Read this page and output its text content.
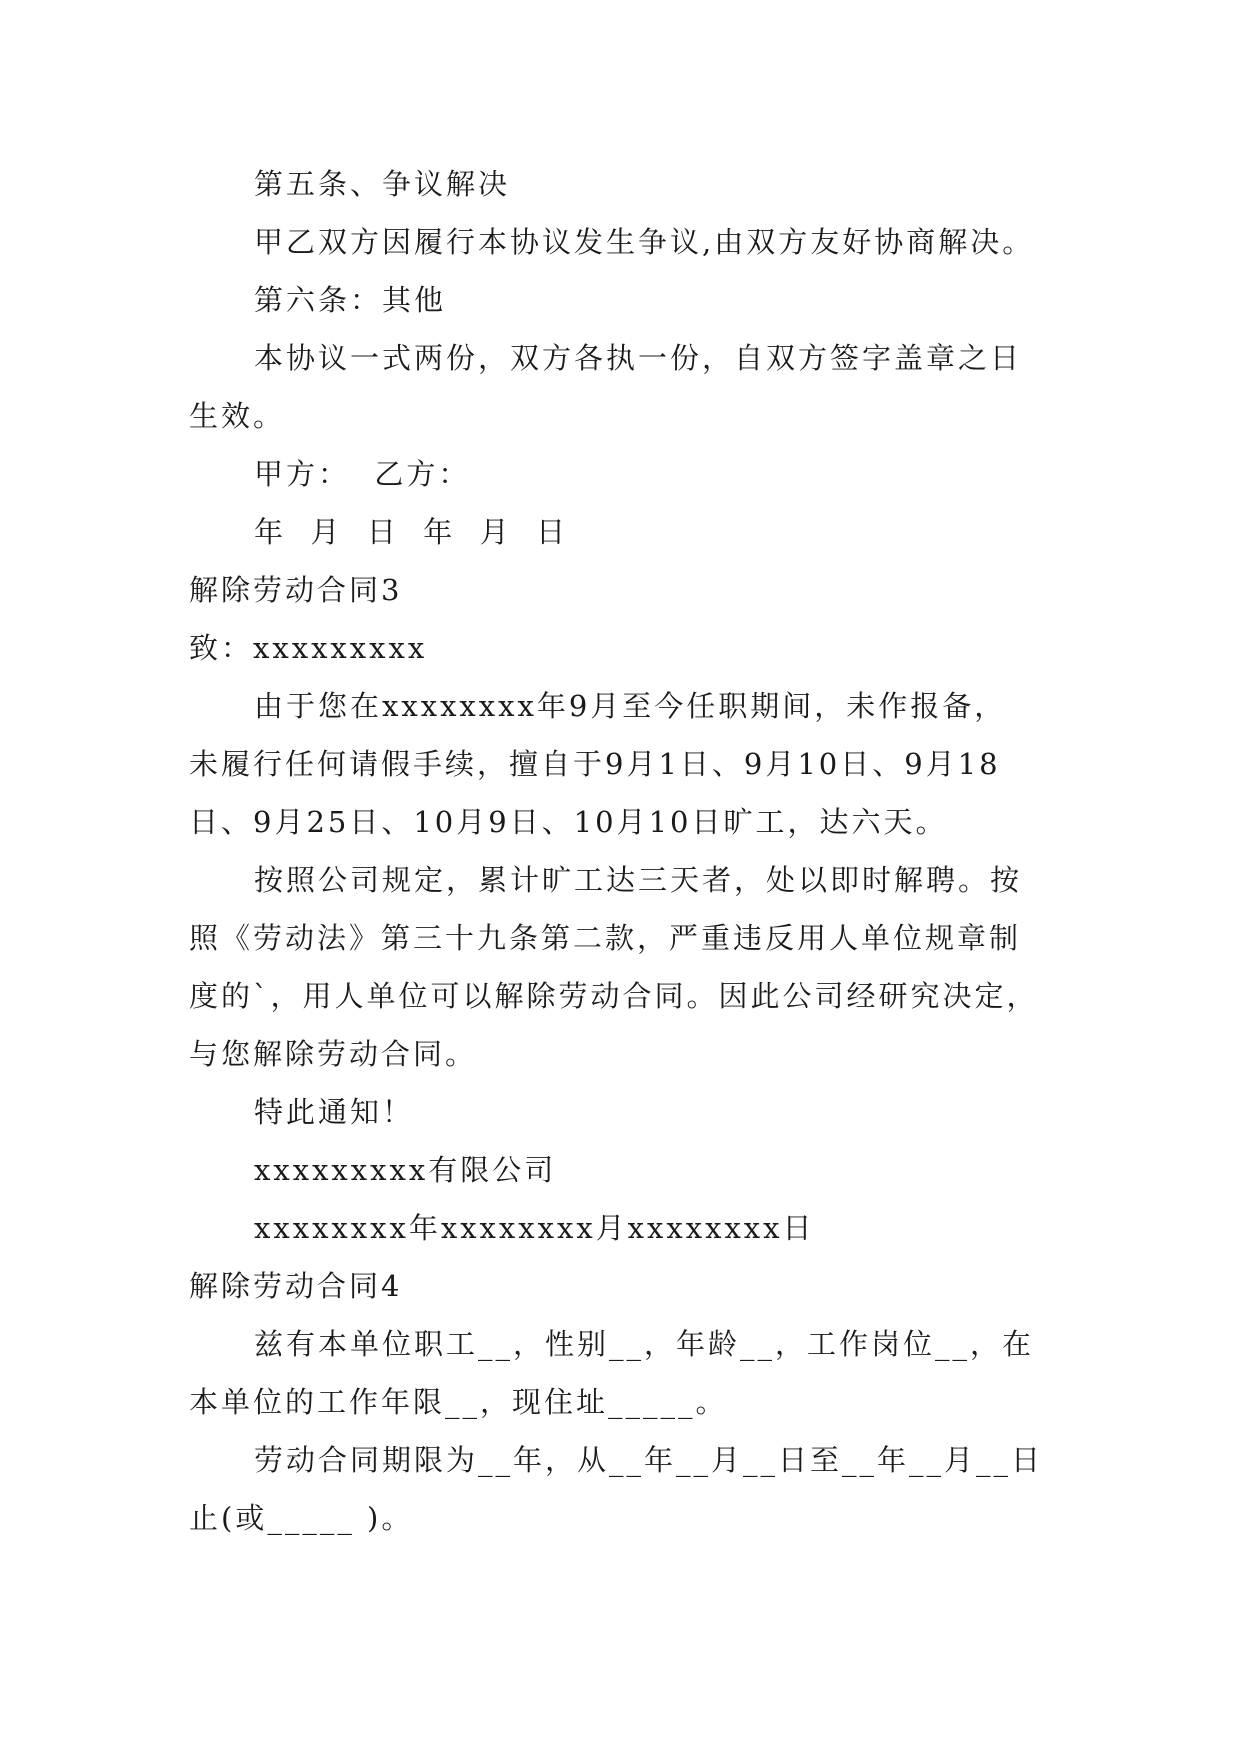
第五条、争议解决
甲乙双方因履行本协议发生争议,由双方友好协商解决。
第六条：其他
本协议一式两份，双方各执一份，自双方签字盖章之日
生效。
甲方：  乙方：
年  月  日  年  月  日
解除劳动合同3
致：xxxxxxxxx
由于您在xxxxxxxx年9月至今任职期间，未作报备，
未履行任何请假手续，擅自于9月1日、9月10日、9月18
日、9月25日、10月9日、10月10日旷工，达六天。
按照公司规定，累计旷工达三天者，处以即时解聘。按
照《劳动法》第三十九条第二款，严重违反用人单位规章制
度的`，用人单位可以解除劳动合同。因此公司经研究决定，
与您解除劳动合同。
特此通知！
xxxxxxxxx有限公司
xxxxxxxx年xxxxxxxx月xxxxxxxx日
解除劳动合同4
兹有本单位职工__，性别__，年龄__，工作岗位__，在
本单位的工作年限__，现住址_____。
劳动合同期限为__年，从__年__月__日至__年__月__日
止(或_____ )。
